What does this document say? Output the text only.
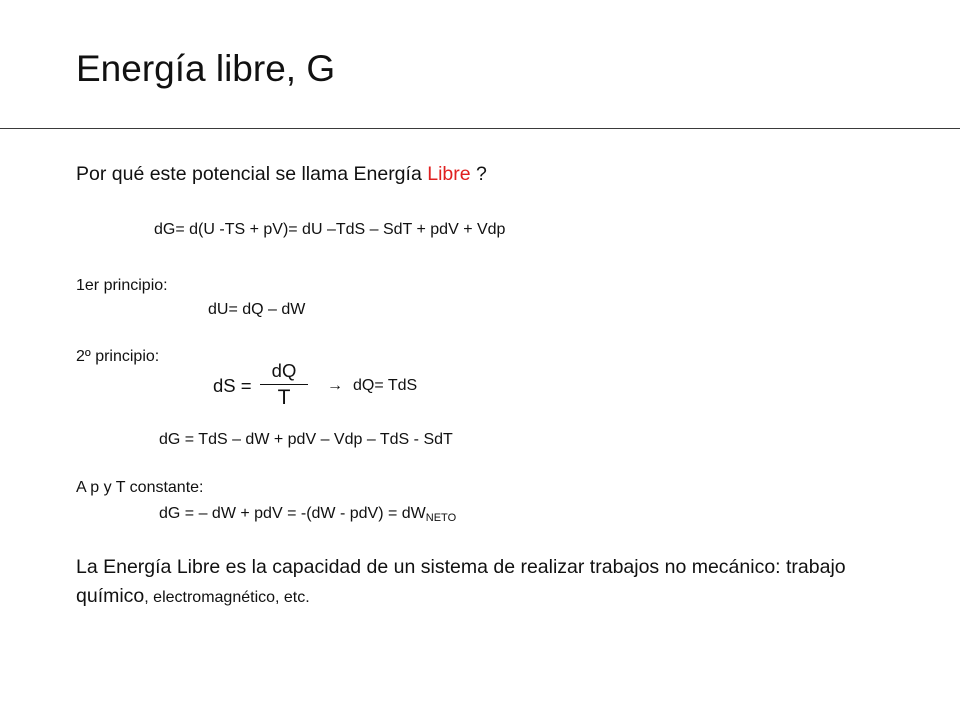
Energía libre, G
Por qué este potencial se llama Energía Libre ?
dG= d(U -TS + pV)= dU –TdS – SdT + pdV + Vdp
1er principio:
dU= dQ – dW
2º principio:
dS =
dQ
T
→ dQ= TdS
dG = TdS – dW + pdV – Vdp – TdS - SdT
A p y T constante:
dG = – dW + pdV = $-(dW - pdV) = dW_{NETO}$
La Energía Libre es la capacidad de un sistema de realizar trabajos no mecánico: trabajo químico, electromagnético, etc.
